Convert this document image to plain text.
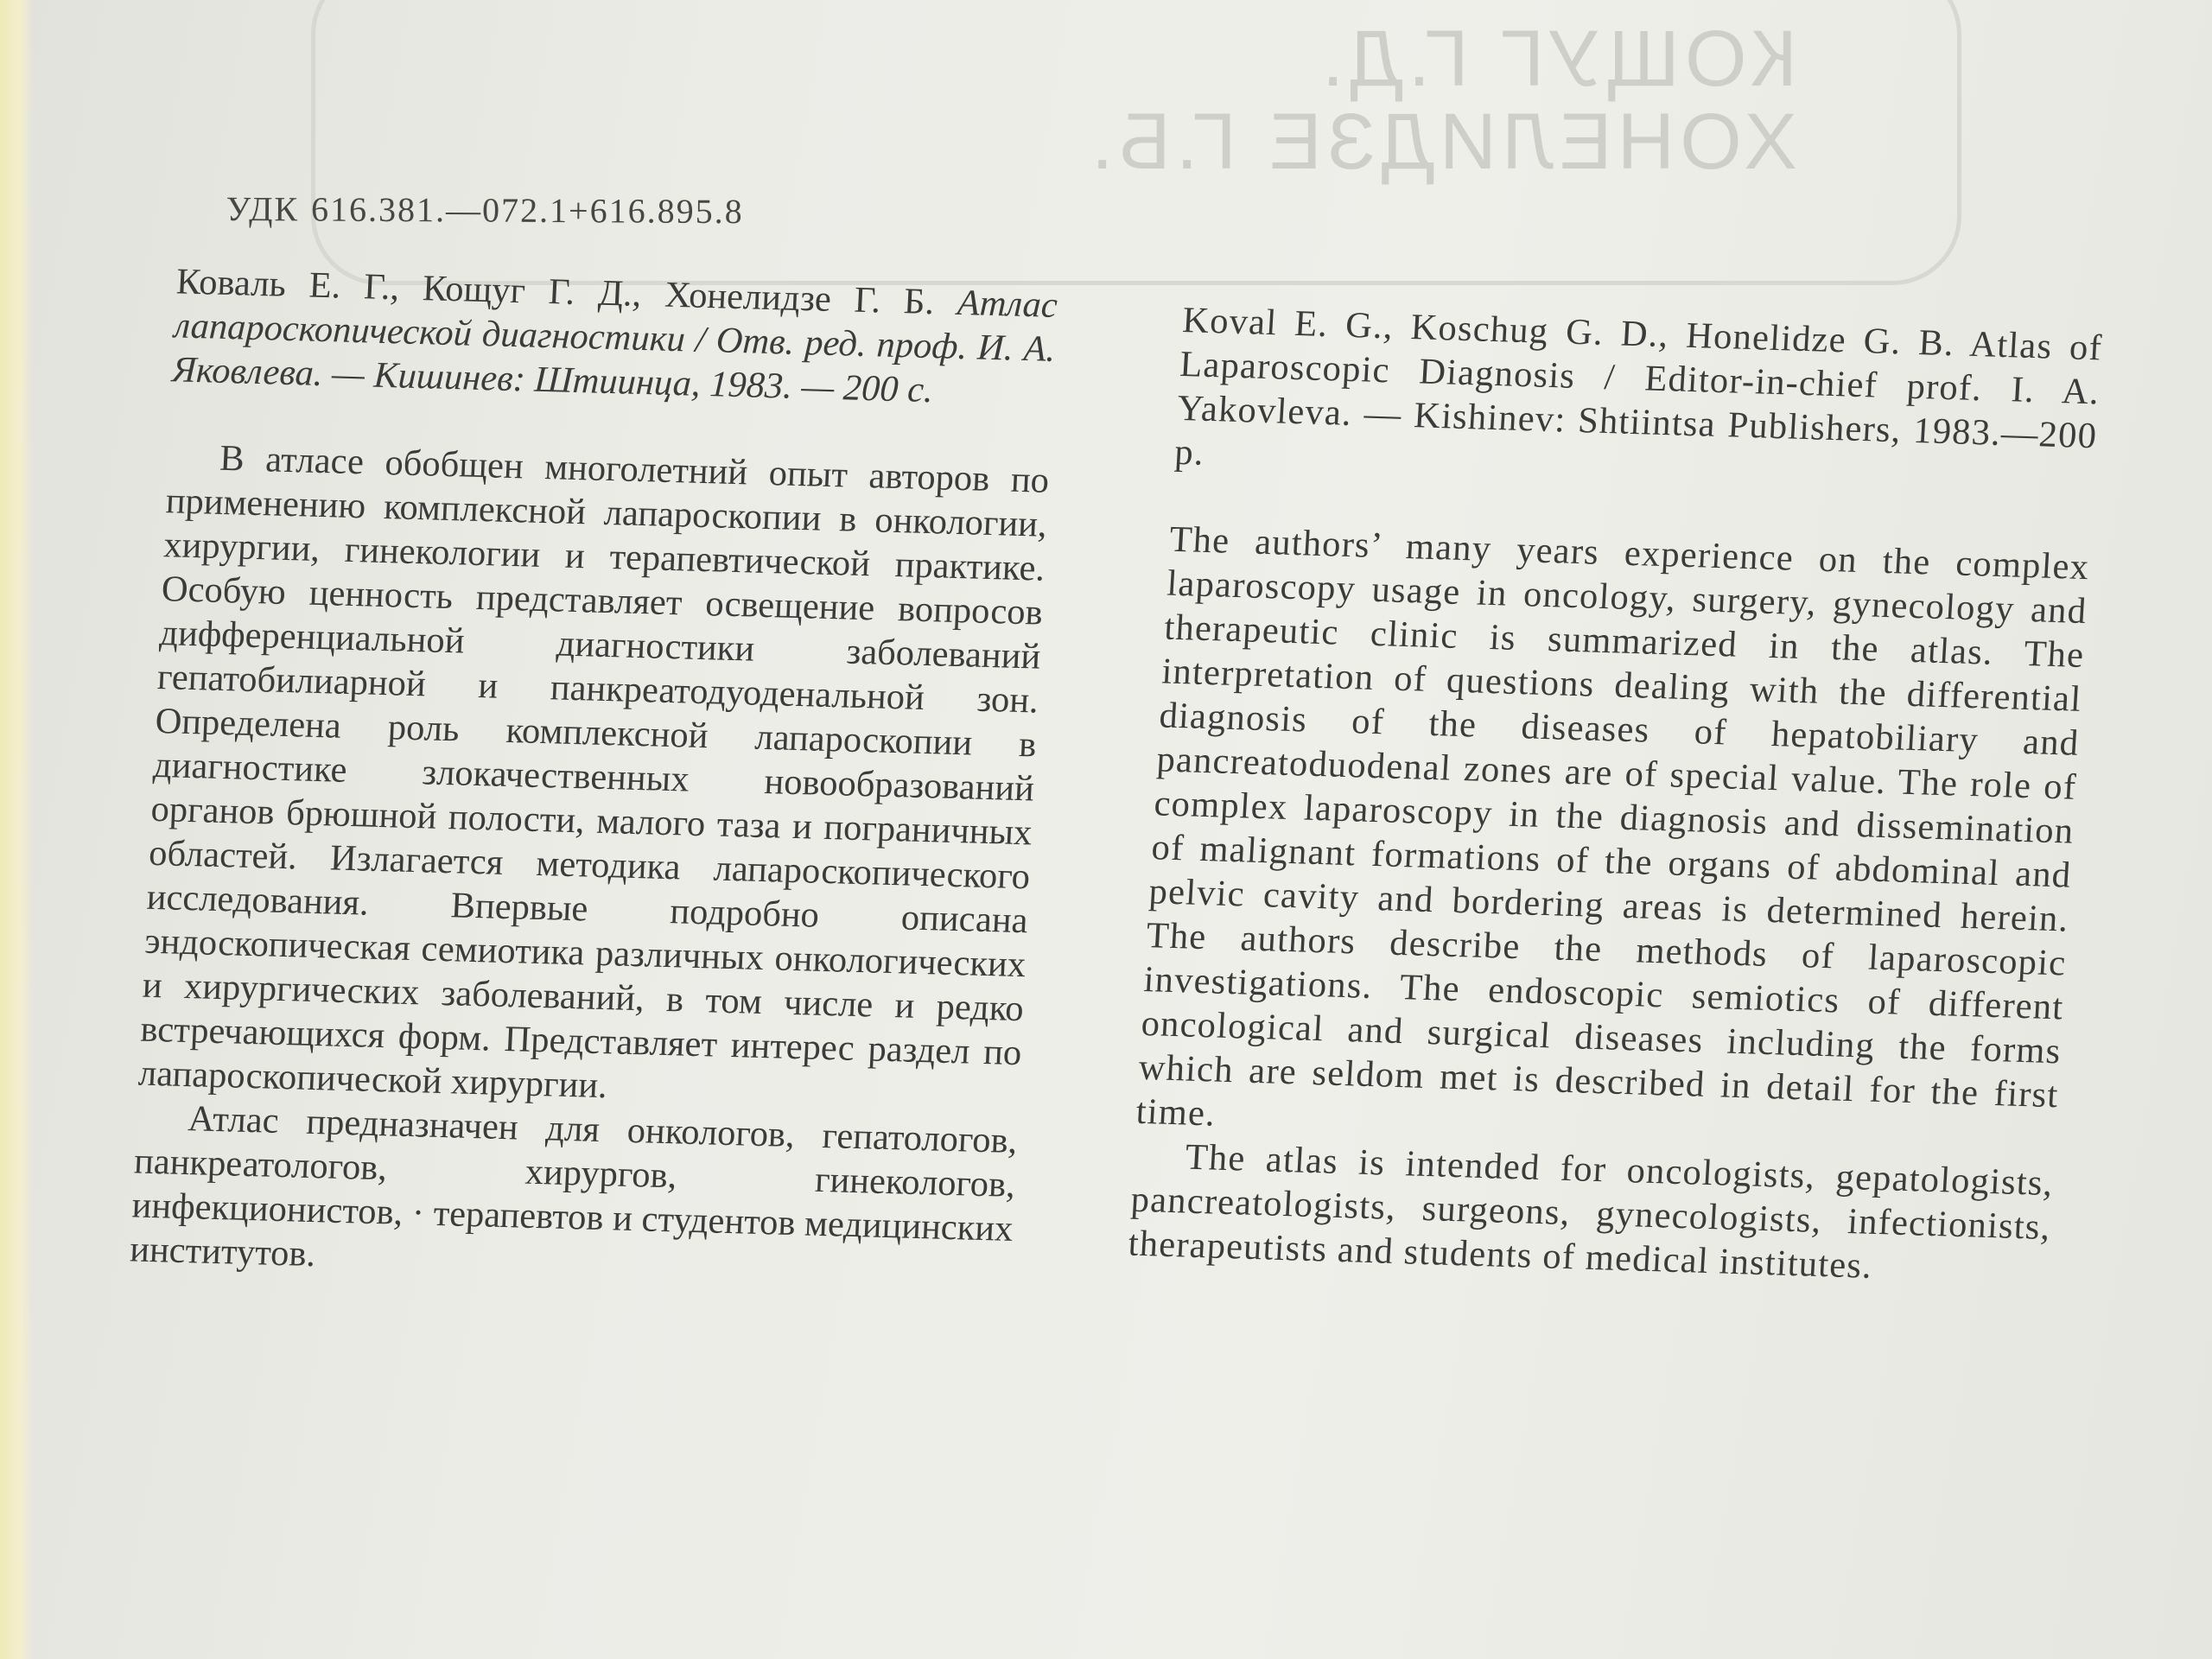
КОЩУГ Г.Д.
ХОНЕЛИДЗЕ Г.Б.
УДК 616.381.—072.1+616.895.8

Коваль Е. Г., Кощуг Г. Д., Хонелидзе Г. Б. Атлас лапароскопической диагностики / Отв. ред. проф. И. А. Яковлева. — Кишинев: Штиинца, 1983. — 200 с.

В атласе обобщен многолетний опыт авторов по применению комплексной лапароскопии в онкологии, хирургии, гинекологии и терапевтической практике. Особую ценность представляет освещение вопросов дифференциальной диагностики заболеваний гепатобилиарной и панкреатодуоденальной зон. Определена роль комплексной лапароскопии в диагностике злокачественных новообразований органов брюшной полости, малого таза и пограничных областей. Излагается методика лапароскопического исследования. Впервые подробно описана эндоскопическая семиотика различных онкологических и хирургических заболеваний, в том числе и редко встречающихся форм. Представляет интерес раздел по лапароскопической хирургии.

Атлас предназначен для онкологов, гепатологов, панкреатологов, хирургов, гинекологов, инфекционистов, · терапевтов и студентов медицинских институтов.

Koval E. G., Koschug G. D., Honelidze G. B. Atlas of Laparoscopic Diagnosis / Editor-in-chief prof. I. A. Yakovleva. — Kishinev: Shtiintsa Publishers, 1983.—200 p.

The authors’ many years experience on the complex laparoscopy usage in oncology, surgery, gynecology and therapeutic clinic is summarized in the atlas. The interpretation of questions dealing with the differential diagnosis of the diseases of hepatobiliary and pancreatoduodenal zones are of special value. The role of complex laparoscopy in the diagnosis and dissemination of malignant formations of the organs of abdominal and pelvic cavity and bordering areas is determined herein. The authors describe the methods of laparoscopic investigations. The endoscopic semiotics of different oncological and surgical diseases including the forms which are seldom met is described in detail for the first time.

The atlas is intended for oncologists, gepatologists, pancreatologists, surgeons, gynecologists, infectionists, therapeutists and students of medical institutes.
